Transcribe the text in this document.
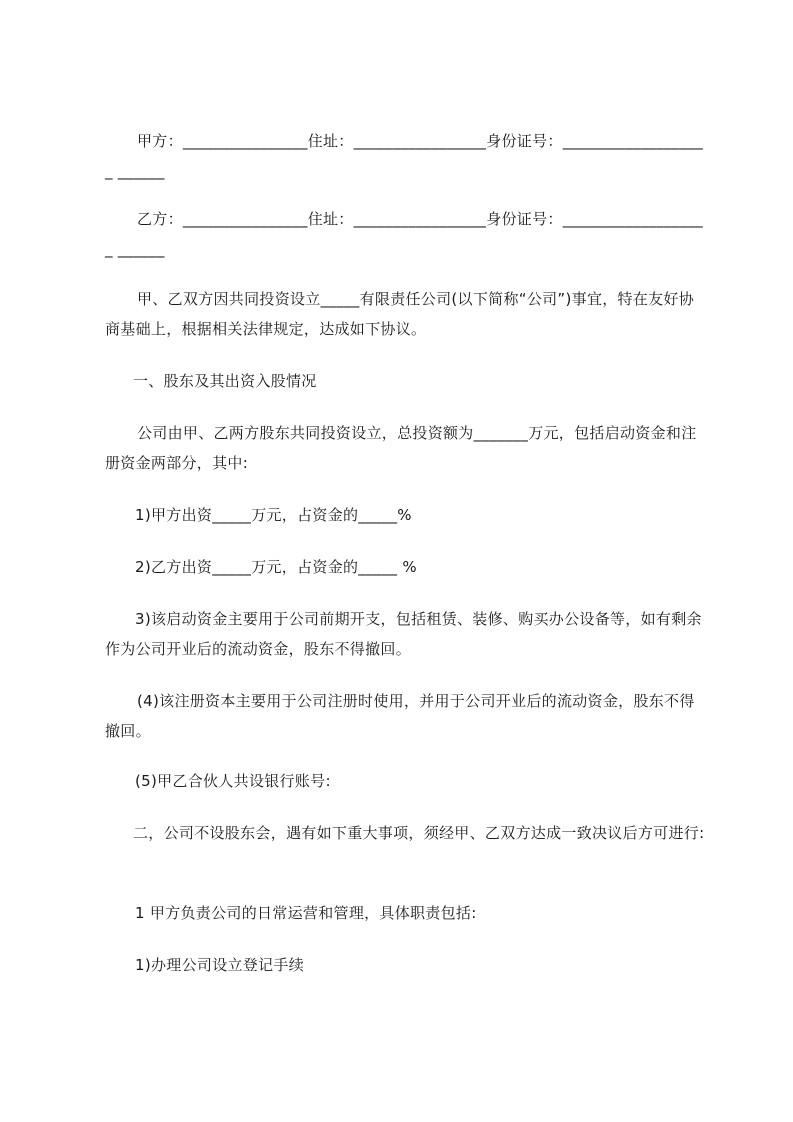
甲方：________________住址：_________________身份证号：___________________ ______

乙方：________________住址：_________________身份证号：___________________ ______

甲、乙双方因共同投资设立_____有限责任公司(以下简称“公司”)事宜，特在友好协商基础上，根据相关法律规定，达成如下协议。

一、股东及其出资入股情况

公司由甲、乙两方股东共同投资设立，总投资额为_______万元，包括启动资金和注册资金两部分，其中:

1)甲方出资_____万元，占资金的_____%

2)乙方出资_____万元，占资金的_____ %

3)该启动资金主要用于公司前期开支，包括租赁、装修、购买办公设备等，如有剩余作为公司开业后的流动资金，股东不得撤回。

(4)该注册资本主要用于公司注册时使用，并用于公司开业后的流动资金，股东不得撤回。

(5)甲乙合伙人共设银行账号:

二，公司不设股东会，遇有如下重大事项，须经甲、乙双方达成一致决议后方可进行:

1 甲方负责公司的日常运营和管理，具体职责包括:

1)办理公司设立登记手续
